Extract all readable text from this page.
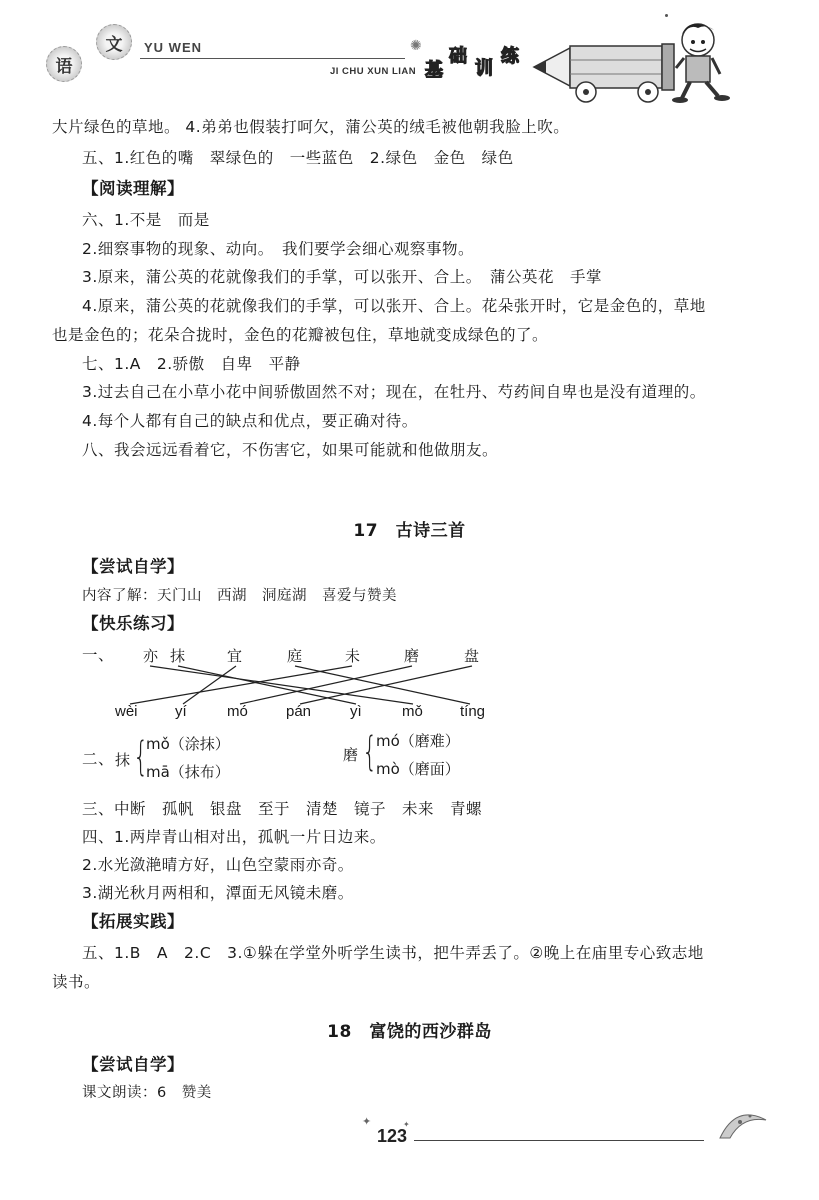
语
文 YU WEN
JI CHU XUN LIAN
✺
基
础
训
练
大片绿色的草地。 4.弟弟也假装打呵欠，蒲公英的绒毛被他朝我脸上吹。
五、1.红色的嘴　翠绿色的　一些蓝色　2.绿色　金色　绿色
【阅读理解】
六、1.不是　而是
2.细察事物的现象、动向。　我们要学会细心观察事物。
3.原来，蒲公英的花就像我们的手掌，可以张开、合上。　蒲公英花　手掌
4.原来，蒲公英的花就像我们的手掌，可以张开、合上。花朵张开时，它是金色的，草地
也是金色的；花朵合拢时，金色的花瓣被包住，草地就变成绿色的了。
七、1.A　2.骄傲　自卑　平静
3.过去自己在小草小花中间骄傲固然不对；现在，在牡丹、芍药间自卑也是没有道理的。
4.每个人都有自己的缺点和优点，要正确对待。
八、我会远远看着它，不伤害它，如果可能就和他做朋友。
17　古诗三首
【尝试自学】
内容了解：天门山　西湖　洞庭湖　喜爱与赞美
【快乐练习】
一、 亦 抹	宜	庭	未	磨	盘
wèi yí	mó	pán	yì	mǒ tíng
二、 抹 {
mǒ（涂抹）
mā（抹布）
磨 {
mó（磨难）
mò（磨面）
三、中断　孤帆　银盘　至于　清楚　镜子　未来　青螺
四、1.两岸青山相对出，孤帆一片日边来。
2.水光潋滟晴方好，山色空蒙雨亦奇。
3.湖光秋月两相和，潭面无风镜未磨。
【拓展实践】
五、1.B　A　2.C　3.①躲在学堂外听学生读书，把牛弄丢了。②晚上在庙里专心致志地
读书。
18　富饶的西沙群岛
【尝试自学】
课文朗读：6　赞美
✦	✦
123
